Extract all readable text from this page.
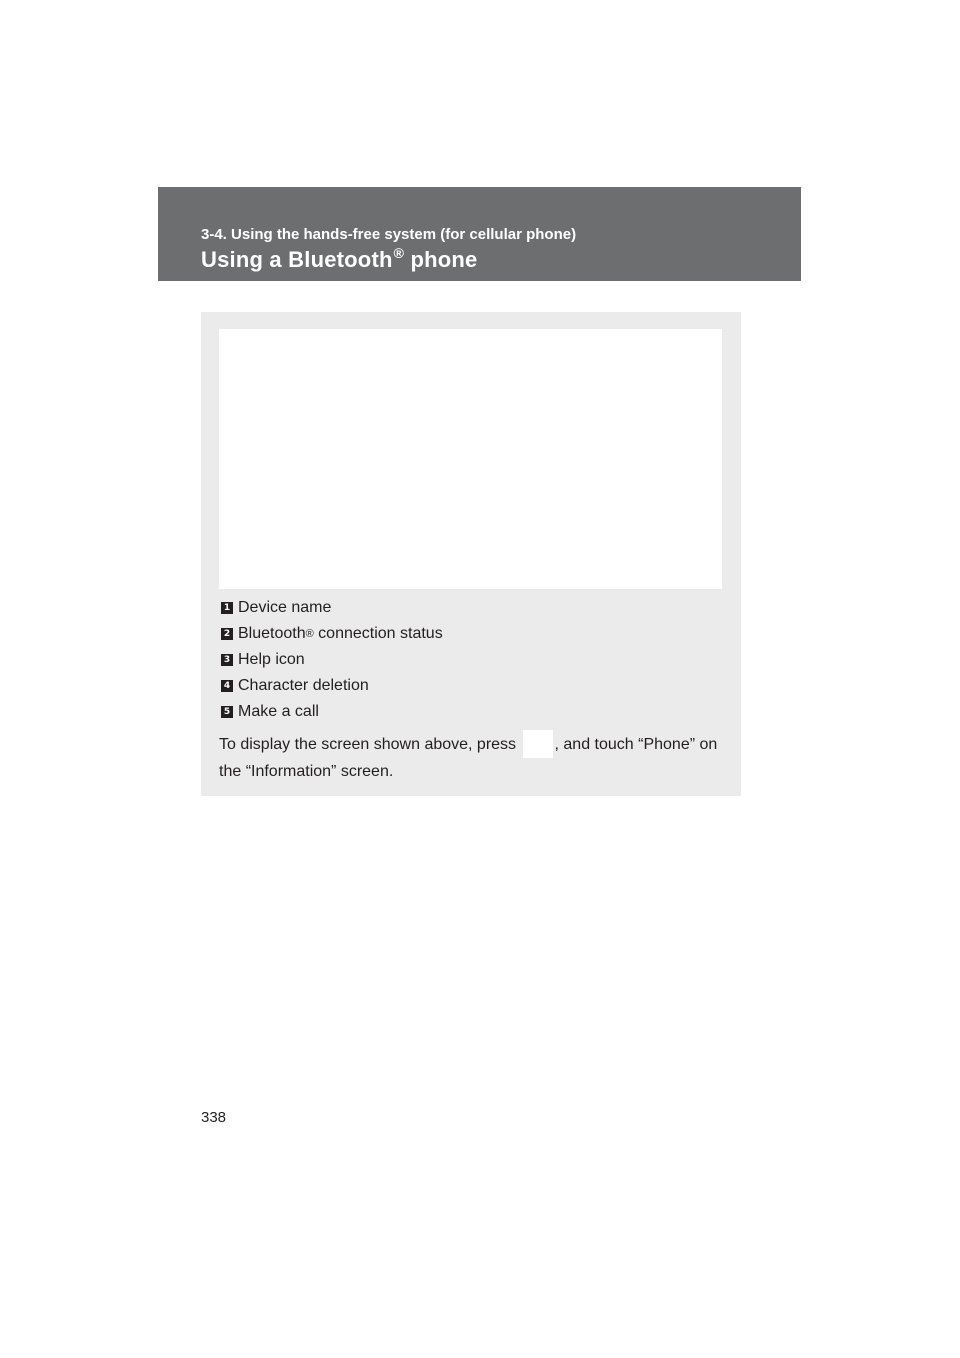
3-4. Using the hands-free system (for cellular phone)
Using a Bluetooth® phone
1 Device name
2 Bluetooth ® connection status
3 Help icon
4 Character deletion
5 Make a call
To display the screen shown above, press , and touch “Phone” on the “Information” screen.
338
